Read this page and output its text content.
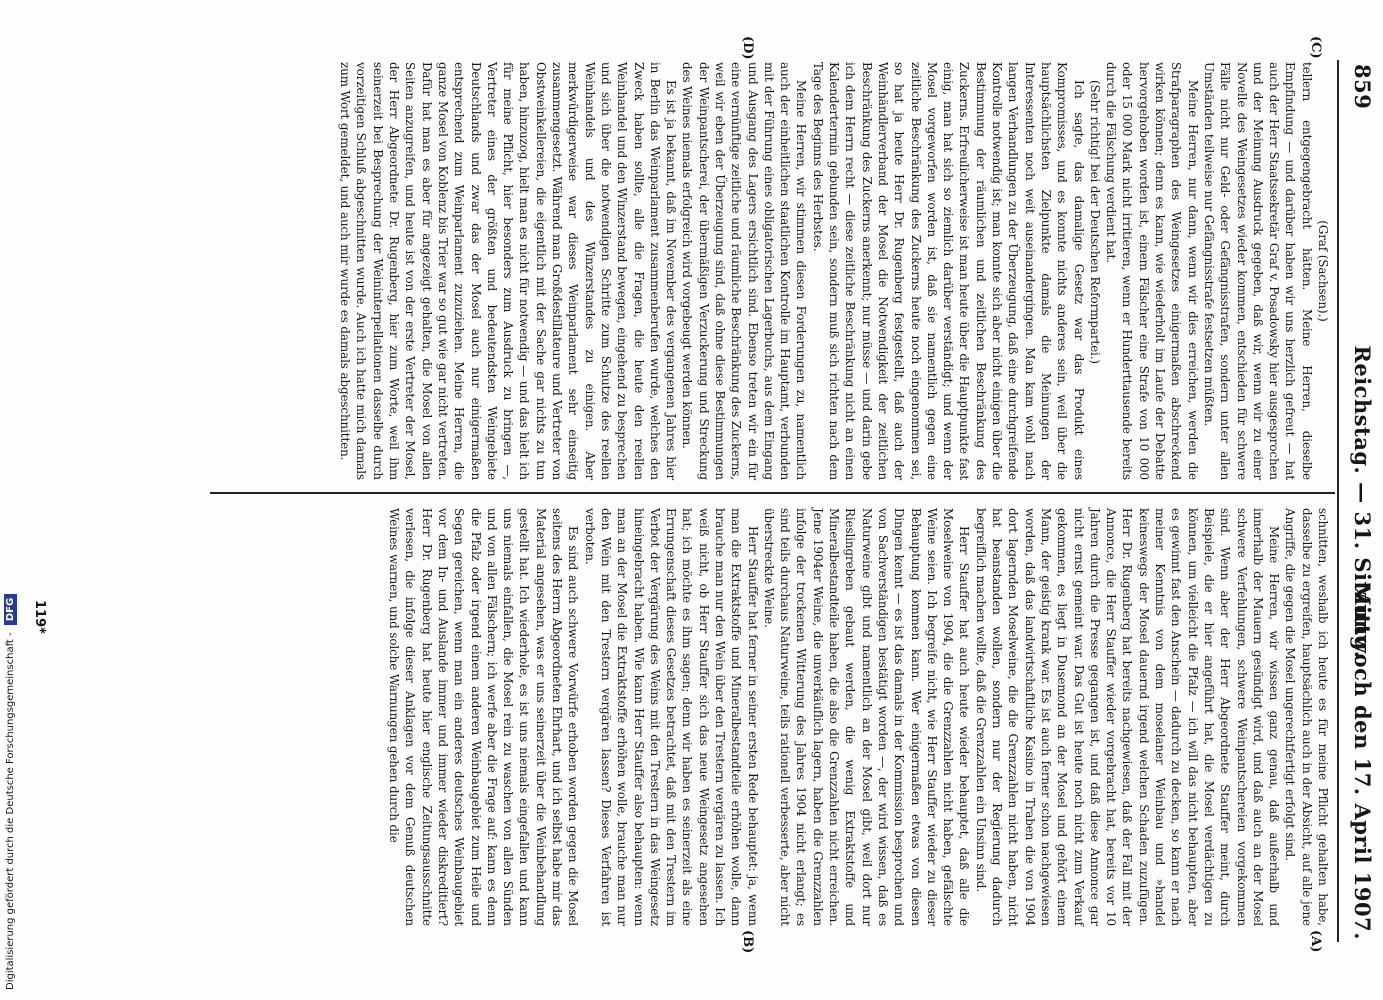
859
Reichstag. — 31. Sitzung.
Mittwoch den 17. April 1907.
(A)
(B)
(C)
(D)

(Graf (Sachsen).)

tellern entgegengebracht hätten. Meine Herren, dieselbe Empfindung — und darüber haben wir uns herzlich gefreut — hat auch der Herr Staatssekretär Graf v. Posadowsky hier ausgesprochen und der Meinung Ausdruck gegeben, daß wir, wenn wir zu einer Novelle des Weingesetzes wieder kommen, entschieden für schwere Fälle nicht nur Geld- oder Gefängnisstrafen, sondern unter allen Umständen teilweise nur Gefängnisstrafe festsetzen müßten.

Meine Herren, nur dann, wenn wir dies erreichen, werden die Strafparagraphen des Weingesetzes einigermaßen abschreckend wirken können; denn es kann, wie wiederholt im Laufe der Debatte hervorgehoben worden ist, einem Fälscher eine Strafe von 10 000 oder 15 000 Mark nicht irritieren, wenn er Hunderttausende bereits durch die Fälschung verdient hat.

(Sehr richtig! bei der Deutschen Reformpartei.)

Ich sagte, das damalige Gesetz war das Produkt eines Kompromisses, und es konnte nichts anderes sein, weil über die hauptsächlichsten Zielpunkte damals die Meinungen der Interessenten noch weit auseinandergingen. Man kam wohl nach langen Verhandlungen zu der Überzeugung, daß eine durchgreifende Kontrolle notwendig ist; man konnte sich aber nicht einigen über die Bestimmung der räumlichen und zeitlichen Beschränkung des Zuckerns. Erfreulicherweise ist man heute über die Hauptpunkte fast einig, man hat sich so ziemlich darüber verständigt; und wenn der Mosel vorgeworfen worden ist, daß sie namentlich gegen eine zeitliche Beschränkung des Zuckerns heute noch eingenommen sei, so hat ja heute Herr Dr. Rugenberg festgestellt, daß auch der Weinhändlerverband der Mosel die Notwendigkeit der zeitlichen Beschränkung des Zuckerns anerkennt; nur müsse — und darin gebe ich dem Herrn recht — diese zeitliche Beschränkung nicht an einen Kalendertermin gebunden sein, sondern muß sich richten nach dem Tage des Beginns des Herbstes.

Meine Herren, wir stimmen diesen Forderungen zu, namentlich auch der einheitlichen staatlichen Kontrolle im Hauptamt, verbunden mit der Führung eines obligatorischen Lagerbuchs, aus dem Eingang und Ausgang des Lagers ersichtlich sind. Ebenso treten wir ein für eine vernünftige zeitliche und räumliche Beschränkung des Zuckerns, weil wir eben der Überzeugung sind, daß ohne diese Bestimmungen der Weinpantscherei, der übermäßigen Verzuckerung und Streckung des Weines niemals erfolgreich wird vorgebeugt werden können.

Es ist ja bekannt, daß im November des vergangenen Jahres hier in Berlin das Weinparlament zusammenberufen wurde, welches den Zweck haben sollte, alle die Fragen, die heute den reellen Weinhandel und den Winzerstand bewegen, eingehend zu besprechen und sich über die notwendigen Schritte zum Schutze des reellen Weinhandels und des Winzerstandes zu einigen. Aber merkwürdigerweise war dieses Weinparlament sehr einseitig zusammengesetzt. Während man Großdestillateure und Vertreter von Obstweinkellereien, die eigentlich mit der Sache gar nichts zu tun haben, hinzuzog, hielt man es nicht für notwendig — und das hielt ich für meine Pflicht, hier besonders zum Ausdruck zu bringen —, Vertreter eines der größten und bedeutendsten Weingebiete Deutschlands und zwar das der Mosel auch nur einigermaßen entsprechend zum Weinparlament zuzuziehen. Meine Herren, die ganze Mosel von Koblenz bis Trier war so gut wie gar nicht vertreten. Dafür hat man es aber für angezeigt gehalten, die Mosel von allen Seiten anzugreifen, und heute ist von der erste Vertreter der Mosel, der Herr Abgeordnete Dr. Rugenberg, hier zum Worte, weil ihm seinerzeit bei Besprechung der Weininterpellationen dasselbe durch vorzeitigen Schluß abgeschnitten wurde. Auch ich hatte mich damals zum Wort gemeldet, und auch mir wurde es damals abgeschnitten.

schnitten, weshalb ich heute es für meine Pflicht gehalten habe, dasselbe zu ergreifen, hauptsächlich auch in der Absicht, auf alle jene Angriffe, die gegen die Mosel ungerechtfertigt erfolgt sind.

Meine Herren, wir wissen ganz genau, daß außerhalb und innerhalb der Mauern gesündigt wird, und daß auch an der Mosel schwere Verfehlungen, schwere Weinpantschereien vorgekommen sind. Wenn aber der Herr Abgeordnete Stauffer meint, durch Beispiele, die er hier angeführt hat, die Mosel verdächtigen zu können, um vielleicht die Pfalz — ich will das nicht behaupten, aber es gewinnt fast den Anschein — dadurch zu decken, so kann er nach meiner Kenntnis von dem moselaner Weinbau und »handel keineswegs der Mosel dauernd irgend welchen Schaden zuzufügen. Herr Dr. Rugenberg hat bereits nachgewiesen, daß der Fall mit der Annonce, die Herr Stauffer wieder vorgebracht hat, bereits vor 10 Jahren durch die Presse gegangen ist, und daß diese Annonce gar nicht ernst gemeint war. Das Gut ist heute noch nicht zum Verkauf gekommen, es liegt in Dusemond an der Mosel und gehört einem Mann, der geistig krank war. Es ist auch ferner schon nachgewiesen worden, daß das landwirtschaftliche Kasino in Traben die von 1904 dort lagernden Moselweine, die die Grenzzahlen nicht haben, nicht hat beanstanden wollen, sondern nur der Regierung dadurch begreiflich machen wollte, daß die Grenzzahlen ein Unsinn sind.

Herr Stauffer hat auch heute wieder behauptet, daß alle die Moselweine von 1904, die die Grenzzahlen nicht haben, gefälschte Weine seien. Ich begreife nicht, wie Herr Stauffer wieder zu dieser Behauptung kommen kann. Wer einigermaßen etwas von diesen Dingen kennt — es ist das damals in der Kommission besprochen und von Sachverständigen bestätigt worden —, der wird wissen, daß es Naturweine gibt und namentlich an der Mosel gibt, weil dort nur Rieslingreben gebaut werden, die wenig Extraktstoffe und Mineralbestandteile haben, die also die Grenzzahlen nicht erreichen. Jene 1904er Weine, die unverkäuflich lagern, haben die Grenzzahlen infolge der trockenen Witterung des Jahres 1904 nicht erlangt; es sind teils durchaus Naturweine, teils rationell verbesserte, aber nicht überstreckte Weine.

Herr Stauffer hat ferner in seiner ersten Rede behauptet: ja, wenn man die Extraktstoffe und Mineralbestandteile erhöhen wolle, dann brauche man nur den Wein über den Trestern vergären zu lassen. Ich weiß nicht, ob Herr Stauffer sich das neue Weingesetz angesehen hat; ich möchte es ihm sagen; denn wir haben es seinerzeit als eine Errungenschaft dieses Gesetzes betrachtet, daß mit den Trestern im Verbot der Vergärung des Weins mit den Trestern in das Weingesetz hineingebracht haben. Wie kann Herr Stauffer also behaupten: wenn man an der Mosel die Extraktstoffe erhöhen wolle, brauche man nur den Wein mit den Trestern vergären lassen? Dieses Verfahren ist verboten.

Es sind auch schwere Vorwürfe erhoben worden gegen die Mosel seitens des Herrn Abgeordneten Ehrhart, und ich selbst habe mir das Material angesehen, was er uns seinerzeit über die Weinbehandlung gestellt hat. Ich wiederhole, es ist uns niemals eingefallen und kann uns niemals einfallen, die Mosel rein zu waschen von allen Sünden und von allen Fälschern; ich werfe aber die Frage auf: kann es denn die Pfalz oder irgend einem anderen Weinbaugebiet zum Heile und Segen gereichen, wenn man ein anderes deutsches Weinbaugebiet vor dem In- und Auslande immer und immer wieder diskreditiert? Herr Dr. Rugenberg hat heute hier englische Zeitungsausschnitte verlesen, die infolge dieser Anklagen vor dem Genuß deutschen Weines warnen, und solche Warnungen gehen durch die

119*
Digitalisierung gefördert durch die Deutsche Forschungsgemeinschaft - DFG
